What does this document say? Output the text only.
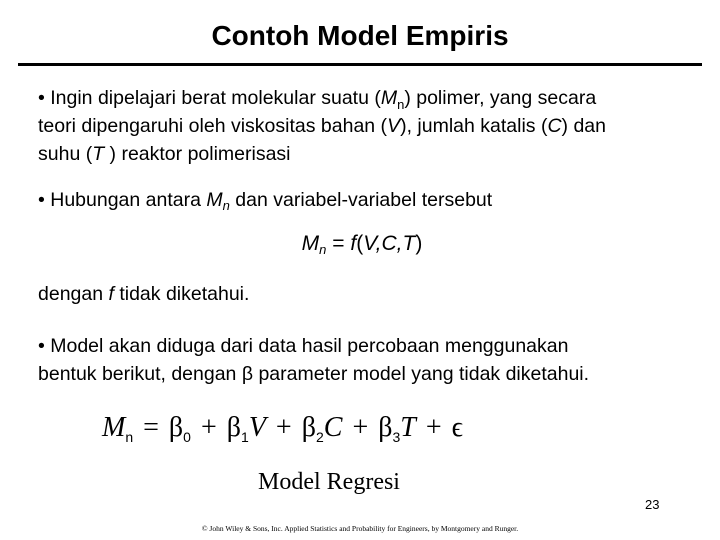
Contoh Model Empiris
• Ingin dipelajari berat molekular suatu $(M_n)$ polimer, yang secara
teori dipengaruhi oleh viskositas bahan (V), jumlah katalis (C) dan
suhu (T ) reaktor polimerisasi
• Hubungan antara $M_n$ dan variabel-variabel tersebut
Mn = f(V,C,T)
dengan f tidak diketahui.
• Model akan diduga dari data hasil percobaan menggunakan
bentuk berikut, dengan β parameter model yang tidak diketahui.
$M_n = \beta_0 + \beta_1V + \beta_2C + \beta_3T + \epsilon$
Model Regresi
23
© John Wiley & Sons, Inc. Applied Statistics and Probability for Engineers, by Montgomery and Runger.
